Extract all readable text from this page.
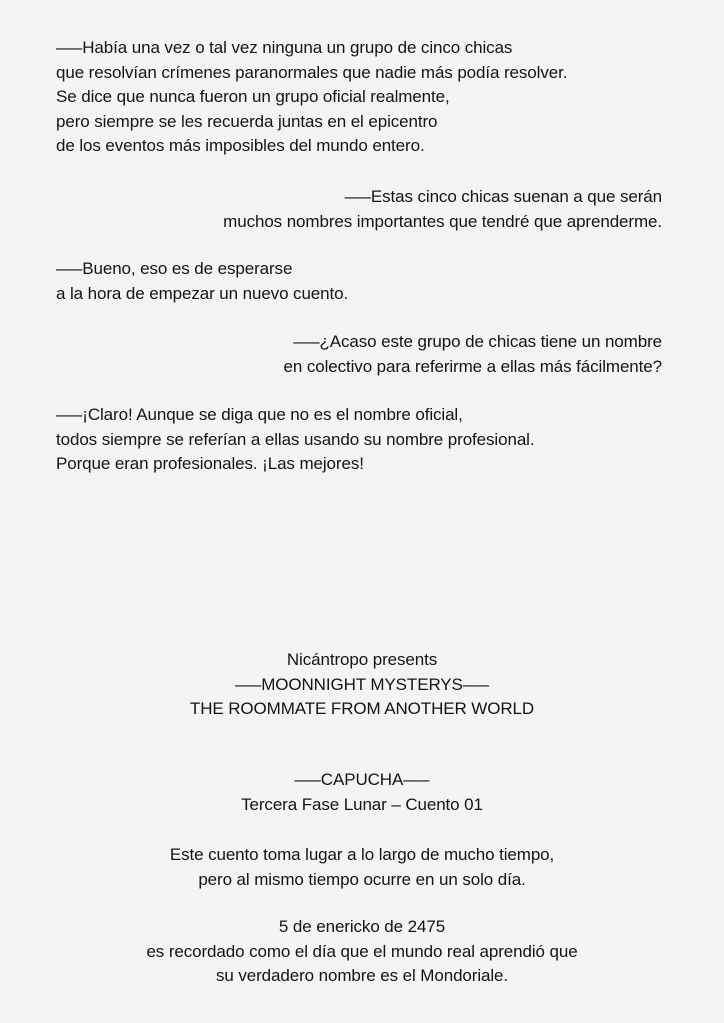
—–Había una vez o tal vez ninguna un grupo de cinco chicas
que resolvían crímenes paranormales que nadie más podía resolver.
Se dice que nunca fueron un grupo oficial realmente,
pero siempre se les recuerda juntas en el epicentro
de los eventos más imposibles del mundo entero.
—–Estas cinco chicas suenan a que serán
muchos nombres importantes que tendré que aprenderme.
—–Bueno, eso es de esperarse
a la hora de empezar un nuevo cuento.
—–¿Acaso este grupo de chicas tiene un nombre
en colectivo para referirme a ellas más fácilmente?
—–¡Claro! Aunque se diga que no es el nombre oficial,
todos siempre se referían a ellas usando su nombre profesional.
Porque eran profesionales. ¡Las mejores!
Nicántropo presents
—–MOONNIGHT MYSTERYS—–
THE ROOMMATE FROM ANOTHER WORLD
—–CAPUCHA—–
Tercera Fase Lunar – Cuento 01
Este cuento toma lugar a lo largo de mucho tiempo,
pero al mismo tiempo ocurre en un solo día.
5 de enericko de 2475
es recordado como el día que el mundo real aprendió que
su verdadero nombre es el Mondoriale.
